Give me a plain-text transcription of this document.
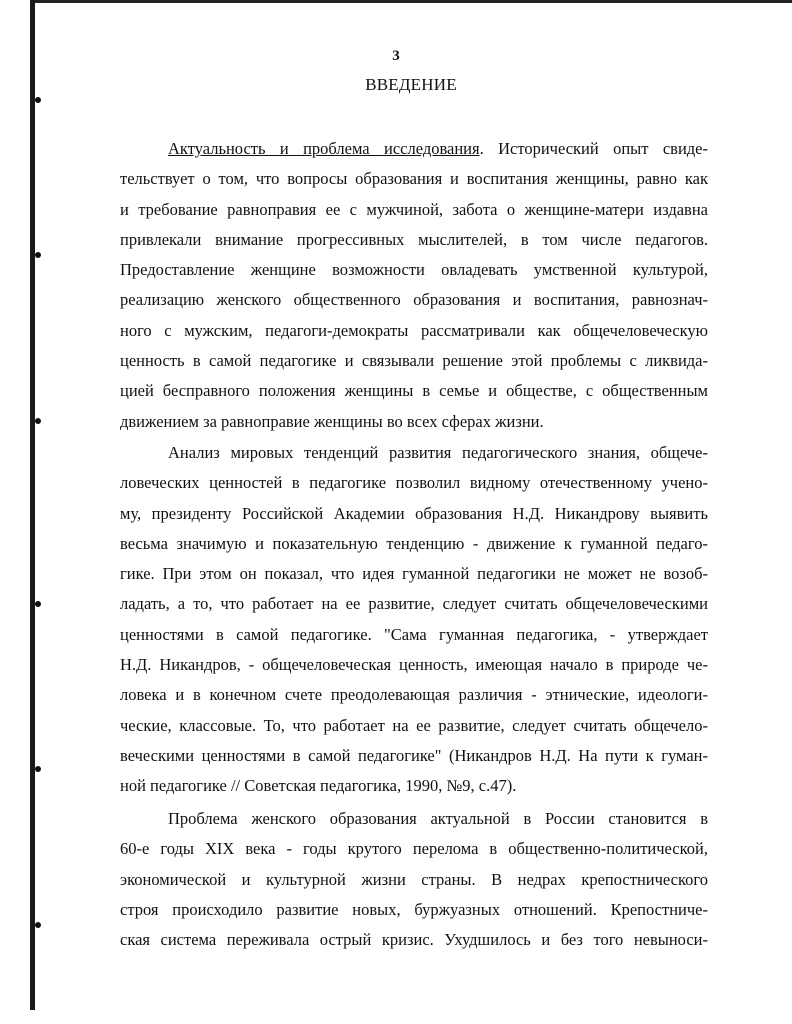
3
ВВЕДЕНИЕ
Актуальность и проблема исследования. Исторический опыт свиде-
тельствует о том, что вопросы образования и воспитания женщины, равно как
и требование равноправия ее с мужчиной, забота о женщине-матери издавна
привлекали внимание прогрессивных мыслителей, в том числе педагогов.
Предоставление женщине возможности овладевать умственной культурой,
реализацию женского общественного образования и воспитания, равнознач-
ного с мужским, педагоги-демократы рассматривали как общечеловеческую
ценность в самой педагогике и связывали решение этой проблемы с ликвида-
цией бесправного положения женщины в семье и обществе, с общественным
движением за равноправие женщины во всех сферах жизни.
Анализ мировых тенденций развития педагогического знания, общече-
ловеческих ценностей в педагогике позволил видному отечественному учено-
му, президенту Российской Академии образования Н.Д. Никандрову выявить
весьма значимую и показательную тенденцию - движение к гуманной педаго-
гике. При этом он показал, что идея гуманной педагогики не может не возоб-
ладать, а то, что работает на ее развитие, следует считать общечеловеческими
ценностями в самой педагогике. "Сама гуманная педагогика, - утверждает
Н.Д. Никандров, - общечеловеческая ценность, имеющая начало в природе че-
ловека и в конечном счете преодолевающая различия - этнические, идеологи-
ческие, классовые. То, что работает на ее развитие, следует считать общечело-
веческими ценностями в самой педагогике" (Никандров Н.Д. На пути к гуман-
ной педагогике // Советская педагогика, 1990, №9, с.47).
Проблема женского образования актуальной в России становится в
60-е годы XIX века - годы крутого перелома в общественно-политической,
экономической и культурной жизни страны. В недрах крепостнического
строя происходило развитие новых, буржуазных отношений. Крепостниче-
ская система переживала острый кризис. Ухудшилось и без того невыноси-
